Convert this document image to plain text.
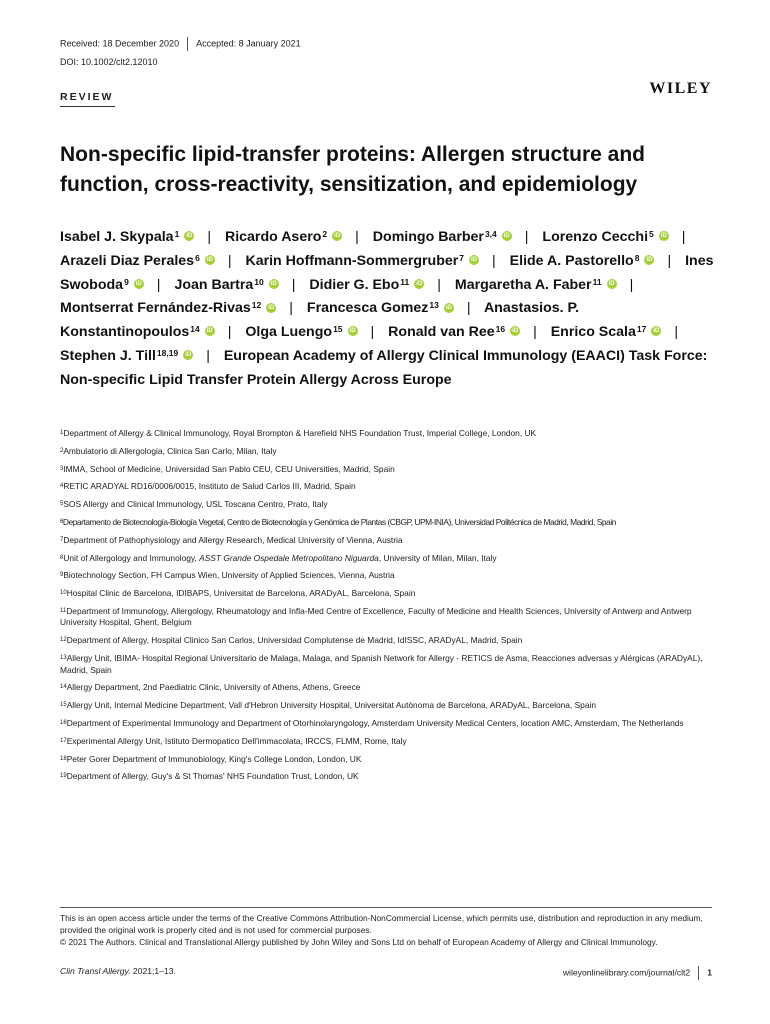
Received: 18 December 2020 Accepted: 8 January 2021
DOI: 10.1002/clt2.12010
REVIEW	WILEY
Non-specific lipid-transfer proteins: Allergen structure and function, cross-reactivity, sensitization, and epidemiology
Isabel J. Skypala$^1$ iD | Ricardo Asero$^2$ iD | Domingo Barber$^{3,4}$ iD | Lorenzo Cecchi$^5$ iD | Arazeli Diaz Perales$^6$ iD | Karin Hoffmann-Sommergruber$^7$ iD | Elide A. Pastorello$^8$ iD | Ines Swoboda$^9$ iD | Joan Bartra$^{10}$ iD | Didier G. Ebo$^{11}$ iD | Margaretha A. Faber$^{11}$ iD | Montserrat Fernández-Rivas$^{12}$ iD | Francesca Gomez$^{13}$ iD | Anastasios. P. Konstantinopoulos$^{14}$ iD | Olga Luengo$^{15}$ iD | Ronald van Ree$^{16}$ iD | Enrico Scala$^{17}$ iD | Stephen J. Till$^{18,19}$ iD | European Academy of Allergy Clinical Immunology (EAACI) Task Force: Non-specific Lipid Transfer Protein Allergy Across Europe
$^1$Department of Allergy & Clinical Immunology, Royal Brompton & Harefield NHS Foundation Trust, Imperial College, London, UK
$^2$Ambulatorio di Allergologia, Clinica San Carlo, Milan, Italy
$^3$IMMA, School of Medicine, Universidad San Pablo CEU, CEU Universities, Madrid, Spain
$^4$RETIC ARADYAL RD16/0006/0015, Instituto de Salud Carlos III, Madrid, Spain
$^5$SOS Allergy and Clinical Immunology, USL Toscana Centro, Prato, Italy
$^6$Departamento de Biotecnología-Biología Vegetal, Centro de Biotecnología y Genómica de Plantas (CBGP, UPM-INIA), Universidad Politécnica de Madrid, Madrid, Spain
$^7$Department of Pathophysiology and Allergy Research, Medical University of Vienna, Austria
$^8$Unit of Allergology and Immunology, ASST Grande Ospedale Metropolitano Niguarda, University of Milan, Milan, Italy
$^9$Biotechnology Section, FH Campus Wien, University of Applied Sciences, Vienna, Austria
$^{10}$Hospital Clinic de Barcelona, IDIBAPS, Universitat de Barcelona, ARADyAL, Barcelona, Spain
$^{11}$Department of Immunology, Allergology, Rheumatology and Infla-Med Centre of Excellence, Faculty of Medicine and Health Sciences, University of Antwerp and Antwerp University Hospital, Ghent, Belgium
$^{12}$Department of Allergy, Hospital Clinico San Carlos, Universidad Complutense de Madrid, IdISSC, ARADyAL, Madrid, Spain
$^{13}$Allergy Unit, IBIMA- Hospital Regional Universitario de Malaga, Malaga, and Spanish Network for Allergy - RETICS de Asma, Reacciones adversas y Alérgicas (ARADyAL), Madrid, Spain
$^{14}$Allergy Department, 2nd Paediatric Clinic, University of Athens, Athens, Greece
$^{15}$Allergy Unit, Internal Medicine Department, Vall d'Hebron University Hospital, Universitat Autònoma de Barcelona, ARADyAL, Barcelona, Spain
$^{16}$Department of Experimental Immunology and Department of Otorhinolaryngology, Amsterdam University Medical Centers, location AMC, Amsterdam, The Netherlands
$^{17}$Experimental Allergy Unit, Istituto Dermopatico Dell'immacolata, IRCCS, FLMM, Rome, Italy
$^{18}$Peter Gorer Department of Immunobiology, King's College London, London, UK
$^{19}$Department of Allergy, Guy's & St Thomas' NHS Foundation Trust, London, UK

This is an open access article under the terms of the Creative Commons Attribution-NonCommercial License, which permits use, distribution and reproduction in any medium, provided the original work is properly cited and is not used for commercial purposes.

© 2021 The Authors. Clinical and Translational Allergy published by John Wiley and Sons Ltd on behalf of European Academy of Allergy and Clinical Immunology.

Clin Transl Allergy. 2021;1–13.	wileyonlinelibrary.com/journal/clt2 1
